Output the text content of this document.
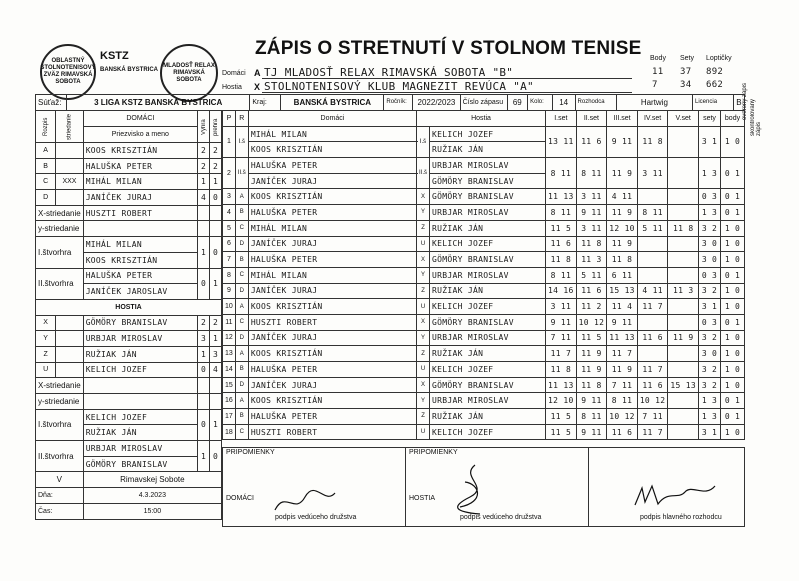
OBLASTNÝ STOLNOTENISOVÝ ZVÄZ RIMAVSKÁ SOBOTA
KSTZ
BANSKÁ BYSTRICA
MLADOSŤ RELAX RIMAVSKÁ SOBOTA
ZÁPIS O STRETNUTÍ V STOLNOM TENISE
Domáci A TJ MLADOSŤ RELAX RIMAVSKÁ SOBOTA "B"
Hostia X STOLNOTENISOVÝ KLUB MAGNEZIT REVÚCA "A"
Body Sety Loptičky
11 37 892
7 34 662	overený zápis
Súťaž:	3 LIGA KSTZ BANSKÁ BYSTRICA	Kraj:	BANSKÁ BYSTRICA	Ročník:	2022/2023	Číslo zápasu	69	Kolo:	14	Rozhodca	Hartwig	Licencia	B skontrolovaný zápis
Rozpis	striedanie	DOMÁCI	Výhra	prehra
		Priezvisko a meno		
A		KOOS KRISZTIÁN	2	2
B		HALUŠKA PETER	2	2
C	XXX	MIHÁL MILAN	1	1
D		JANÍČEK JURAJ	4	0
X-striedanie		HUSZTI ROBERT		
y-striedanie				
I.štvorhra		MIHÁL MILAN	1	0
		KOOS KRISZTIÁN		
II.štvorhra		HALUŠKA PETER	0	1
		JANÍČEK JAROSLAV		
HOSTIA				
X		GÖMÖRY BRANISLAV	2	2
Y		URBJAR MIROSLAV	3	1
Z		RUŽIAK JÁN	1	3
U		KELICH JOZEF	0	4
X-striedanie				
y-striedanie				
I.štvorhra		KELICH JOZEF	0	1
		RUŽIAK JÁN		
II.štvorhra		URBJAR MIROSLAV	1	0
		GÖMÖRY BRANISLAV		
V		Rimavskej Sobote		

Dňa:		4.3.2023		
Čas:		15:00		
P	R	Domáci	Hostia		I.set	II.set	III.set	IV.set	V.set	sety	body
1	I.š	MIHÁL MILAN	I.š	KELICH JOZEF	13 11	11 6	9 11	11 8		3 1	1 0
		KOOS KRISZTIÁN		RUŽIAK JÁN							
2	II.š	HALUŠKA PETER	II.š	URBJAR MIROSLAV	8 11	8 11	11 9	3 11		1 3	0 1
		JANÍČEK JURAJ		GÖMÖRY BRANISLAV							
3	A	KOOS KRISZTIÁN	X	GÖMÖRY BRANISLAV	11 13	3 11	4 11			0 3	0 1
4	B	HALUŠKA PETER	Y	URBJAR MIROSLAV	8 11	9 11	11 9	8 11		1 3	0 1
5	C	MIHÁL MILAN	Z	RUŽIAK JÁN	11 5	3 11	12 10	5 11	11 8	3 2	1 0
6	D	JANÍČEK JURAJ	U	KELICH JOZEF	11 6	11 8	11 9			3 0	1 0
7	B	HALUŠKA PETER	X	GÖMÖRY BRANISLAV	11 8	11 3	11 8			3 0	1 0
8	C	MIHÁL MILAN	Y	URBJAR MIROSLAV	8 11	5 11	6 11			0 3	0 1
9	D	JANÍČEK JURAJ	Z	RUŽIAK JÁN	14 16	11 6	15 13	4 11	11 3	3 2	1 0
10	A	KOOS KRISZTIÁN	U	KELICH JOZEF	3 11	11 2	11 4	11 7		3 1	1 0
11	C	HUSZTI ROBERT	X	GÖMÖRY BRANISLAV	9 11	10 12	9 11			0 3	0 1
12	D	JANÍČEK JURAJ	Y	URBJAR MIROSLAV	7 11	11 5	11 13	11 6	11 9	3 2	1 0
13	A	KOOS KRISZTIÁN	Z	RUŽIAK JÁN	11 7	11 9	11 7			3 0	1 0
14	B	HALUŠKA PETER	U	KELICH JOZEF	11 8	11 9	11 9	11 7		3 2	1 0
15	D	JANÍČEK JURAJ	X	GÖMÖRY BRANISLAV	11 13	11 8	7 11	11 6	15 13	3 2	1 0
16	A	KOOS KRISZTIÁN	Y	URBJAR MIROSLAV	12 10	9 11	8 11	10 12		1 3	0 1
17	B	HALUŠKA PETER	Z	RUŽIAK JÁN	11 5	8 11	10 12	7 11		1 3	0 1
18	C	HUSZTI ROBERT	U	KELICH JOZEF	11 5	9 11	11 6	11 7		3 1	1 0
PRIPOMIENKY	PRIPOMIENKY
DOMÁCI	HOSTIA
podpis vedúceho družstva	podpis vedúceho družstva	podpis hlavného rozhodcu
